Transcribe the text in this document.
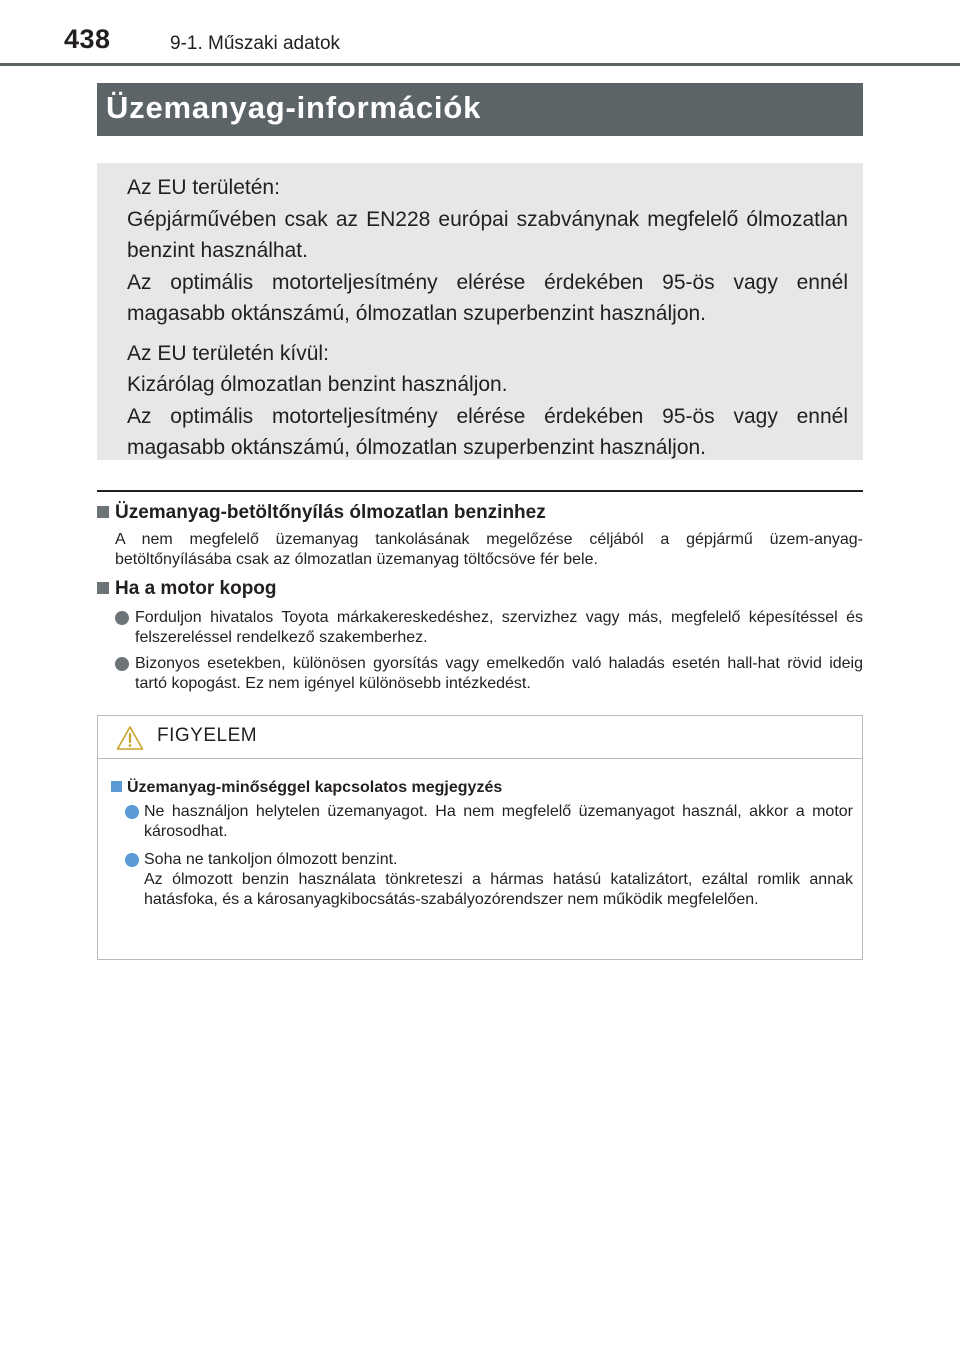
438	9-1. Műszaki adatok
Üzemanyag-információk

Az EU területén:
Gépjárművében csak az EN228 európai szabványnak megfelelő ólmozatlan benzint használhat.
Az optimális motorteljesítmény elérése érdekében 95-ös vagy ennél magasabb oktánszámú, ólmozatlan szuperbenzint használjon.

Az EU területén kívül:
Kizárólag ólmozatlan benzint használjon.
Az optimális motorteljesítmény elérése érdekében 95-ös vagy ennél magasabb oktánszámú, ólmozatlan szuperbenzint használjon.

Üzemanyag-betöltőnyílás ólmozatlan benzinhez

A nem megfelelő üzemanyag tankolásának megelőzése céljából a gépjármű üzem-anyag-betöltőnyílásába csak az ólmozatlan üzemanyag töltőcsöve fér bele.

Ha a motor kopog

Forduljon hivatalos Toyota márkakereskedéshez, szervizhez vagy más, megfelelő képesítéssel és felszereléssel rendelkező szakemberhez.

Bizonyos esetekben, különösen gyorsítás vagy emelkedőn való haladás esetén hall-hat rövid ideig tartó kopogást. Ez nem igényel különösebb intézkedést.

FIGYELEM

Üzemanyag-minőséggel kapcsolatos megjegyzés

Ne használjon helytelen üzemanyagot. Ha nem megfelelő üzemanyagot használ, akkor a motor károsodhat.

Soha ne tankoljon ólmozott benzint.
Az ólmozott benzin használata tönkreteszi a hármas hatású katalizátort, ezáltal romlik annak hatásfoka, és a károsanyagkibocsátás-szabályozórendszer nem működik megfelelően.
